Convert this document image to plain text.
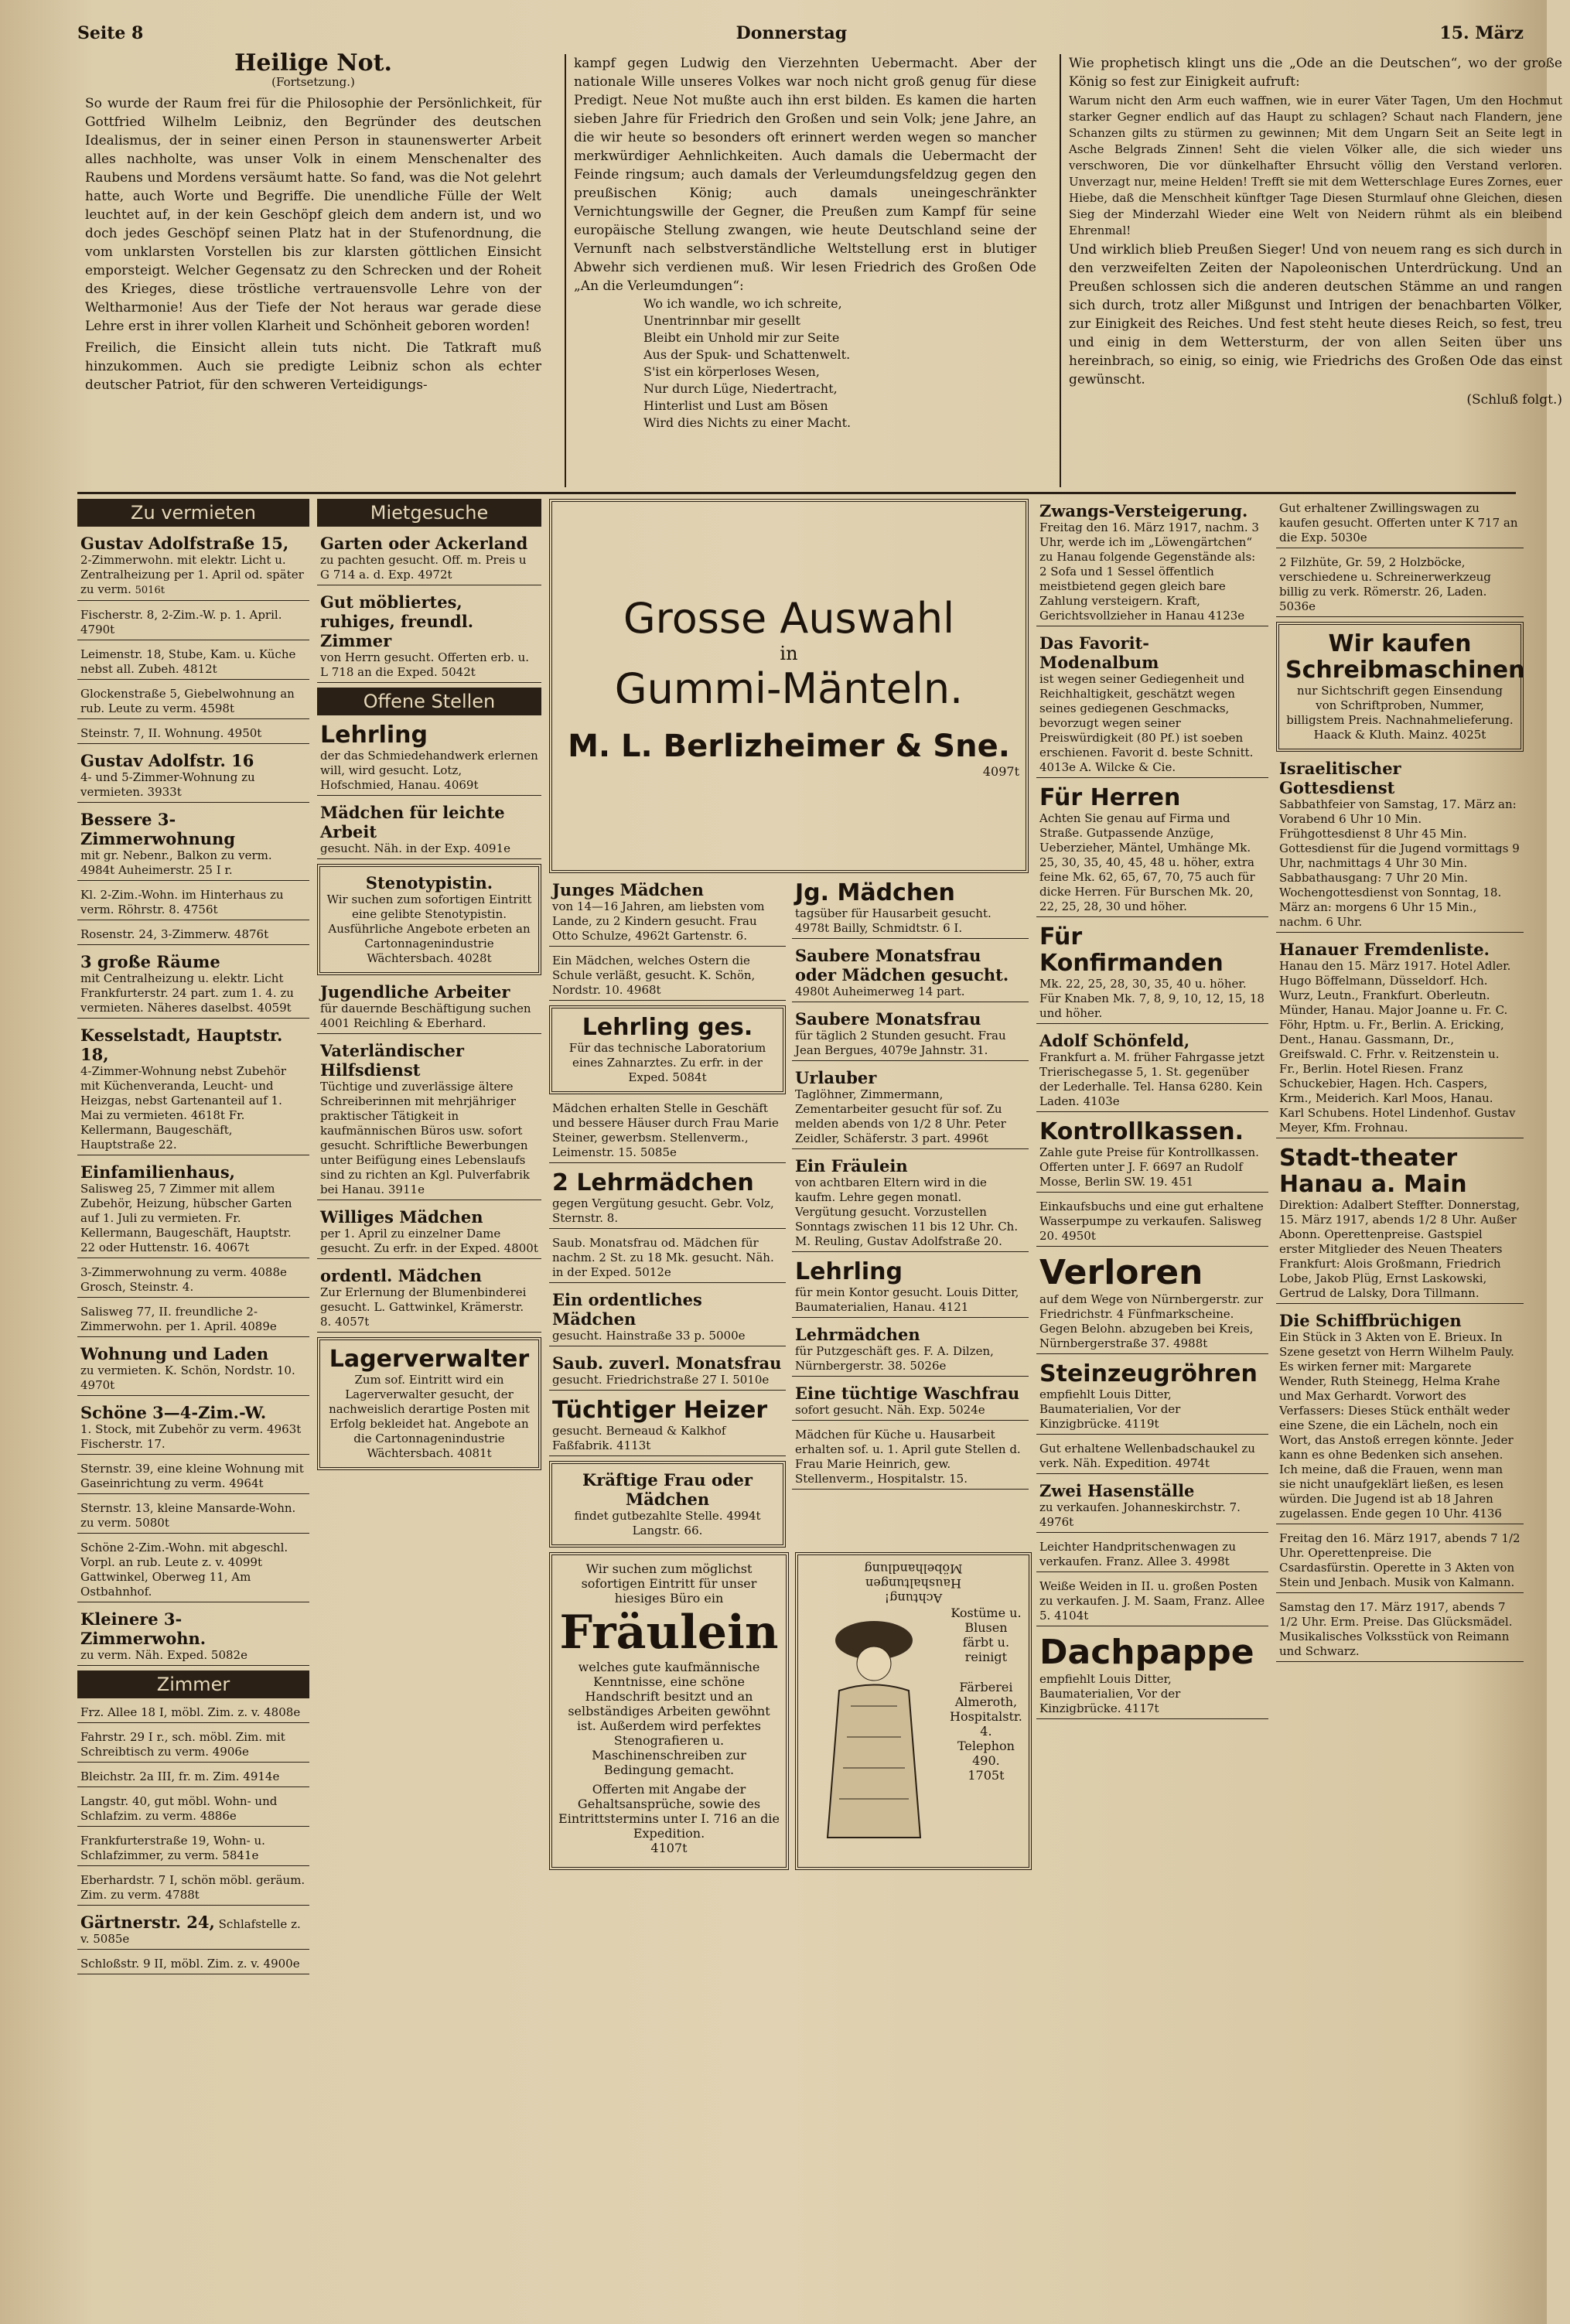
Seite 8	Donnerstag	15. März
Heilige Not.
(Fortsetzung.)

So wurde der Raum frei für die Philosophie der Persönlichkeit, für Gottfried Wilhelm Leibniz, den Begründer des deutschen Idealismus, der in seiner einen Person in staunenswerter Arbeit alles nachholte, was unser Volk in einem Menschenalter des Raubens und Mordens versäumt hatte. So fand, was die Not gelehrt hatte, auch Worte und Begriffe. Die unendliche Fülle der Welt leuchtet auf, in der kein Geschöpf gleich dem andern ist, und wo doch jedes Geschöpf seinen Platz hat in der Stufenordnung, die vom unklarsten Vorstellen bis zur klarsten göttlichen Einsicht emporsteigt. Welcher Gegensatz zu den Schrecken und der Roheit des Krieges, diese tröstliche vertrauensvolle Lehre von der Weltharmonie! Aus der Tiefe der Not heraus war gerade diese Lehre erst in ihrer vollen Klarheit und Schönheit geboren worden!

Freilich, die Einsicht allein tuts nicht. Die Tatkraft muß hinzukommen. Auch sie predigte Leibniz schon als echter deutscher Patriot, für den schweren Verteidigungs-

kampf gegen Ludwig den Vierzehnten Uebermacht. Aber der nationale Wille unseres Volkes war noch nicht groß genug für diese Predigt. Neue Not mußte auch ihn erst bilden. Es kamen die harten sieben Jahre für Friedrich den Großen und sein Volk; jene Jahre, an die wir heute so besonders oft erinnert werden wegen so mancher merkwürdiger Aehnlichkeiten. Auch damals die Uebermacht der Feinde ringsum; auch damals der Verleumdungsfeldzug gegen den preußischen König; auch damals uneingeschränkter Vernichtungswille der Gegner, die Preußen zum Kampf für seine europäische Stellung zwangen, wie heute Deutschland seine der Vernunft nach selbstverständliche Weltstellung erst in blutiger Abwehr sich verdienen muß. Wir lesen Friedrich des Großen Ode „An die Verleumdungen“:

Wo ich wandle, wo ich schreite,
Unentrinnbar mir gesellt
Bleibt ein Unhold mir zur Seite
Aus der Spuk- und Schattenwelt.
S'ist ein körperloses Wesen,
Nur durch Lüge, Niedertracht,
Hinterlist und Lust am Bösen
Wird dies Nichts zu einer Macht.

Wie prophetisch klingt uns die „Ode an die Deutschen“, wo der große König so fest zur Einigkeit aufruft:

Warum nicht den Arm euch waffnen, wie in eurer Väter Tagen, Um den Hochmut starker Gegner endlich auf das Haupt zu schlagen? Schaut nach Flandern, jene Schanzen gilts zu stürmen zu gewinnen; Mit dem Ungarn Seit an Seite legt in Asche Belgrads Zinnen! Seht die vielen Völker alle, die sich wieder uns verschworen, Die vor dünkelhafter Ehrsucht völlig den Verstand verloren. Unverzagt nur, meine Helden! Trefft sie mit dem Wetterschlage Eures Zornes, euer Hiebe, daß die Menschheit künftger Tage Diesen Sturmlauf ohne Gleichen, diesen Sieg der Minderzahl Wieder eine Welt von Neidern rühmt als ein bleibend Ehrenmal!

Und wirklich blieb Preußen Sieger! Und von neuem rang es sich durch in den verzweifelten Zeiten der Napoleonischen Unterdrückung. Und an Preußen schlossen sich die anderen deutschen Stämme an und rangen sich durch, trotz aller Mißgunst und Intrigen der benachbarten Völker, zur Einigkeit des Reiches. Und fest steht heute dieses Reich, so fest, treu und einig in dem Wettersturm, der von allen Seiten über uns hereinbrach, so einig, so einig, wie Friedrichs des Großen Ode das einst gewünscht.

(Schluß folgt.)
Zu vermieten
Gustav Adolfstraße 15,
2-Zimmerwohn. mit elektr. Licht u. Zentralheizung per 1. April od. später zu verm. 5016t
Fischerstr. 8, 2-Zim.-W. p. 1. April. 4790t
Leimenstr. 18, Stube, Kam. u. Küche nebst all. Zubeh. 4812t
Glockenstraße 5, Giebelwohnung an rub. Leute zu verm. 4598t
Steinstr. 7, II. Wohnung. 4950t
Gustav Adolfstr. 16
4- und 5-Zimmer-Wohnung zu vermieten. 3933t
Bessere 3-Zimmerwohnung
mit gr. Nebenr., Balkon zu verm. 4984t Auheimerstr. 25 I r.
Kl. 2-Zim.-Wohn. im Hinterhaus zu verm. Röhrstr. 8. 4756t
Rosenstr. 24, 3-Zimmerw. 4876t
3 große Räume
mit Centralheizung u. elektr. Licht Frankfurterstr. 24 part. zum 1. 4. zu vermieten. Näheres daselbst. 4059t
Kesselstadt, Hauptstr. 18,
4-Zimmer-Wohnung nebst Zubehör mit Küchenveranda, Leucht- und Heizgas, nebst Gartenanteil auf 1. Mai zu vermieten. 4618t Fr. Kellermann, Baugeschäft, Hauptstraße 22.
Einfamilienhaus,
Salisweg 25, 7 Zimmer mit allem Zubehör, Heizung, hübscher Garten auf 1. Juli zu vermieten. Fr. Kellermann, Baugeschäft, Hauptstr. 22 oder Huttenstr. 16. 4067t
3-Zimmerwohnung zu verm. 4088e Grosch, Steinstr. 4.
Salisweg 77, II. freundliche 2-Zimmerwohn. per 1. April. 4089e
Wohnung und Laden
zu vermieten. K. Schön, Nordstr. 10. 4970t
Schöne 3—4-Zim.-W.
1. Stock, mit Zubehör zu verm. 4963t Fischerstr. 17.
Sternstr. 39, eine kleine Wohnung mit Gaseinrichtung zu verm. 4964t
Sternstr. 13, kleine Mansarde-Wohn. zu verm. 5080t
Schöne 2-Zim.-Wohn. mit abgeschl. Vorpl. an rub. Leute z. v. 4099t Gattwinkel, Oberweg 11, Am Ostbahnhof.
Kleinere 3-Zimmerwohn.
zu verm. Näh. Exped. 5082e
Zimmer
Frz. Allee 18 I, möbl. Zim. z. v. 4808e
Fahrstr. 29 I r., sch. möbl. Zim. mit Schreibtisch zu verm. 4906e
Bleichstr. 2a III, fr. m. Zim. 4914e
Langstr. 40, gut möbl. Wohn- und Schlafzim. zu verm. 4886e
Frankfurterstraße 19, Wohn- u. Schlafzimmer, zu verm. 5841e
Eberhardstr. 7 I, schön möbl. geräum. Zim. zu verm. 4788t
Gärtnerstr. 24, Schlafstelle z. v. 5085e
Schloßstr. 9 II, möbl. Zim. z. v. 4900e
Mietgesuche
Garten oder Ackerland
zu pachten gesucht. Off. m. Preis u G 714 a. d. Exp. 4972t
Gut möbliertes, ruhiges, freundl. Zimmer
von Herrn gesucht. Offerten erb. u. L 718 an die Exped. 5042t
Offene Stellen
Lehrling
der das Schmiedehandwerk erlernen will, wird gesucht. Lotz, Hofschmied, Hanau. 4069t
Mädchen für leichte Arbeit
gesucht. Näh. in der Exp. 4091e
Stenotypistin.
Wir suchen zum sofortigen Eintritt eine gelibte Stenotypistin. Ausführliche Angebote erbeten an Cartonnagenindustrie Wächtersbach. 4028t
Jugendliche Arbeiter
für dauernde Beschäftigung suchen 4001 Reichling & Eberhard.
Vaterländischer Hilfsdienst
Tüchtige und zuverlässige ältere Schreiberinnen mit mehrjähriger praktischer Tätigkeit in kaufmännischen Büros usw. sofort gesucht. Schriftliche Bewerbungen unter Beifügung eines Lebenslaufs sind zu richten an Kgl. Pulverfabrik bei Hanau. 3911e
Williges Mädchen
per 1. April zu einzelner Dame gesucht. Zu erfr. in der Exped. 4800t
ordentl. Mädchen
Zur Erlernung der Blumenbinderei gesucht. L. Gattwinkel, Krämerstr. 8. 4057t
Lagerverwalter
Zum sof. Eintritt wird ein Lagerverwalter gesucht, der nachweislich derartige Posten mit Erfolg bekleidet hat. Angebote an die Cartonnagenindustrie Wächtersbach. 4081t
Grosse Auswahl
in
Gummi-Mänteln.
M. L. Berlizheimer & Sne.
4097t
Junges Mädchen
von 14—16 Jahren, am liebsten vom Lande, zu 2 Kindern gesucht. Frau Otto Schulze, 4962t Gartenstr. 6.
Ein Mädchen, welches Ostern die Schule verläßt, gesucht. K. Schön, Nordstr. 10. 4968t
Lehrling ges.
Für das technische Laboratorium eines Zahnarztes. Zu erfr. in der Exped. 5084t
Mädchen erhalten Stelle in Geschäft und bessere Häuser durch Frau Marie Steiner, gewerbsm. Stellenverm., Leimenstr. 15. 5085e
2 Lehrmädchen
gegen Vergütung gesucht. Gebr. Volz, Sternstr. 8.
Saub. Monatsfrau od. Mädchen für nachm. 2 St. zu 18 Mk. gesucht. Näh. in der Exped. 5012e
Ein ordentliches Mädchen
gesucht. Hainstraße 33 p. 5000e
Saub. zuverl. Monatsfrau
gesucht. Friedrichstraße 27 I. 5010e
Tüchtiger Heizer
gesucht. Berneaud & Kalkhof Faßfabrik. 4113t
Kräftige Frau oder Mädchen
findet gutbezahlte Stelle. 4994t Langstr. 66.
Jg. Mädchen
tagsüber für Hausarbeit gesucht. 4978t Bailly, Schmidtstr. 6 I.
Saubere Monatsfrau oder Mädchen gesucht.
4980t Auheimerweg 14 part.
Saubere Monatsfrau
für täglich 2 Stunden gesucht. Frau Jean Bergues, 4079e Jahnstr. 31.
Urlauber
Taglöhner, Zimmermann, Zementarbeiter gesucht für sof. Zu melden abends von 1/2 8 Uhr. Peter Zeidler, Schäferstr. 3 part. 4996t
Ein Fräulein
von achtbaren Eltern wird in die kaufm. Lehre gegen monatl. Vergütung gesucht. Vorzustellen Sonntags zwischen 11 bis 12 Uhr. Ch. M. Reuling, Gustav Adolfstraße 20.
Lehrling
für mein Kontor gesucht. Louis Ditter, Baumaterialien, Hanau. 4121
Lehrmädchen
für Putzgeschäft ges. F. A. Dilzen, Nürnbergerstr. 38. 5026e
Eine tüchtige Waschfrau
sofort gesucht. Näh. Exp. 5024e
Mädchen für Küche u. Hausarbeit erhalten sof. u. 1. April gute Stellen d. Frau Marie Heinrich, gew. Stellenverm., Hospitalstr. 15.
Wir suchen zum möglichst sofortigen Eintritt für unser hiesiges Büro ein
Fräulein
welches gute kaufmännische Kenntnisse, eine schöne Handschrift besitzt und an selbständiges Arbeiten gewöhnt ist. Außerdem wird perfektes Stenografieren u. Maschinenschreiben zur Bedingung gemacht.
Offerten mit Angabe der Gehaltsansprüche, sowie des Eintrittstermins unter I. 716 an die Expedition.
4107t
Achtung!
Haushaltungen
Möbelhandlung
Kostüme u. Blusen
färbt u. reinigt
Färberei Almeroth,
Hospitalstr. 4. Telephon 490.
1705t
Zwangs-Versteigerung.
Freitag den 16. März 1917, nachm. 3 Uhr, werde ich im „Löwengärtchen“ zu Hanau folgende Gegenstände als: 2 Sofa und 1 Sessel öffentlich meistbietend gegen gleich bare Zahlung versteigern. Kraft, Gerichtsvollzieher in Hanau 4123e
Das Favorit-Modenalbum
ist wegen seiner Gediegenheit und Reichhaltigkeit, geschätzt wegen seines gediegenen Geschmacks, bevorzugt wegen seiner Preiswürdigkeit (80 Pf.) ist soeben erschienen. Favorit d. beste Schnitt. 4013e A. Wilcke & Cie.
Für Herren
Achten Sie genau auf Firma und Straße. Gutpassende Anzüge, Ueberzieher, Mäntel, Umhänge Mk. 25, 30, 35, 40, 45, 48 u. höher, extra feine Mk. 62, 65, 67, 70, 75 auch für dicke Herren. Für Burschen Mk. 20, 22, 25, 28, 30 und höher.
Für Konfirmanden
Mk. 22, 25, 28, 30, 35, 40 u. höher. Für Knaben Mk. 7, 8, 9, 10, 12, 15, 18 und höher.
Adolf Schönfeld,
Frankfurt a. M. früher Fahrgasse jetzt Trierischegasse 5, 1. St. gegenüber der Lederhalle. Tel. Hansa 6280. Kein Laden. 4103e
Kontrollkassen.
Zahle gute Preise für Kontrollkassen. Offerten unter J. F. 6697 an Rudolf Mosse, Berlin SW. 19. 451
Einkaufsbuchs und eine gut erhaltene Wasserpumpe zu verkaufen. Salisweg 20. 4950t
Verloren
auf dem Wege von Nürnbergerstr. zur Friedrichstr. 4 Fünfmarkscheine. Gegen Belohn. abzugeben bei Kreis, Nürnbergerstraße 37. 4988t
Steinzeugröhren
empfiehlt Louis Ditter, Baumaterialien, Vor der Kinzigbrücke. 4119t
Gut erhaltene Wellenbadschaukel zu verk. Näh. Expedition. 4974t
Zwei Hasenställe
zu verkaufen. Johanneskirchstr. 7. 4976t
Leichter Handpritschenwagen zu verkaufen. Franz. Allee 3. 4998t
Weiße Weiden in II. u. großen Posten zu verkaufen. J. M. Saam, Franz. Allee 5. 4104t
Dachpappe
empfiehlt Louis Ditter, Baumaterialien, Vor der Kinzigbrücke. 4117t
Gut erhaltener Zwillingswagen zu kaufen gesucht. Offerten unter K 717 an die Exp. 5030e
2 Filzhüte, Gr. 59, 2 Holzböcke, verschiedene u. Schreinerwerkzeug billig zu verk. Römerstr. 26, Laden. 5036e
Wir kaufen Schreibmaschinen
nur Sichtschrift gegen Einsendung von Schriftproben, Nummer, billigstem Preis. Nachnahmelieferung. Haack & Kluth. Mainz. 4025t
Israelitischer Gottesdienst
Sabbathfeier von Samstag, 17. März an: Vorabend 6 Uhr 10 Min. Frühgottesdienst 8 Uhr 45 Min. Gottesdienst für die Jugend vormittags 9 Uhr, nachmittags 4 Uhr 30 Min. Sabbathausgang: 7 Uhr 20 Min. Wochengottesdienst von Sonntag, 18. März an: morgens 6 Uhr 15 Min., nachm. 6 Uhr.
Hanauer Fremdenliste.
Hanau den 15. März 1917. Hotel Adler. Hugo Böffelmann, Düsseldorf. Hch. Wurz, Leutn., Frankfurt. Oberleutn. Münder, Hanau. Major Joanne u. Fr. C. Föhr, Hptm. u. Fr., Berlin. A. Ericking, Dent., Hanau. Gassmann, Dr., Greifswald. C. Frhr. v. Reitzenstein u. Fr., Berlin. Hotel Riesen. Franz Schuckebier, Hagen. Hch. Caspers, Krm., Meiderich. Karl Moos, Hanau. Karl Schubens. Hotel Lindenhof. Gustav Meyer, Kfm. Frohnau.
Stadt-theater Hanau a. Main
Direktion: Adalbert Steffter. Donnerstag, 15. März 1917, abends 1/2 8 Uhr. Außer Abonn. Operettenpreise. Gastspiel erster Mitglieder des Neuen Theaters Frankfurt: Alois Großmann, Friedrich Lobe, Jakob Plüg, Ernst Laskowski, Gertrud de Lalsky, Dora Tillmann.
Die Schiffbrüchigen
Ein Stück in 3 Akten von E. Brieux. In Szene gesetzt von Herrn Wilhelm Pauly. Es wirken ferner mit: Margarete Wender, Ruth Steinegg, Helma Krahe und Max Gerhardt. Vorwort des Verfassers: Dieses Stück enthält weder eine Szene, die ein Lächeln, noch ein Wort, das Anstoß erregen könnte. Jeder kann es ohne Bedenken sich ansehen. Ich meine, daß die Frauen, wenn man sie nicht unaufgeklärt ließen, es lesen würden. Die Jugend ist ab 18 Jahren zugelassen. Ende gegen 10 Uhr. 4136
Freitag den 16. März 1917, abends 7 1/2 Uhr. Operettenpreise. Die Csardasfürstin. Operette in 3 Akten von Stein und Jenbach. Musik von Kalmann.
Samstag den 17. März 1917, abends 7 1/2 Uhr. Erm. Preise. Das Glücksmädel. Musikalisches Volksstück von Reimann und Schwarz.
